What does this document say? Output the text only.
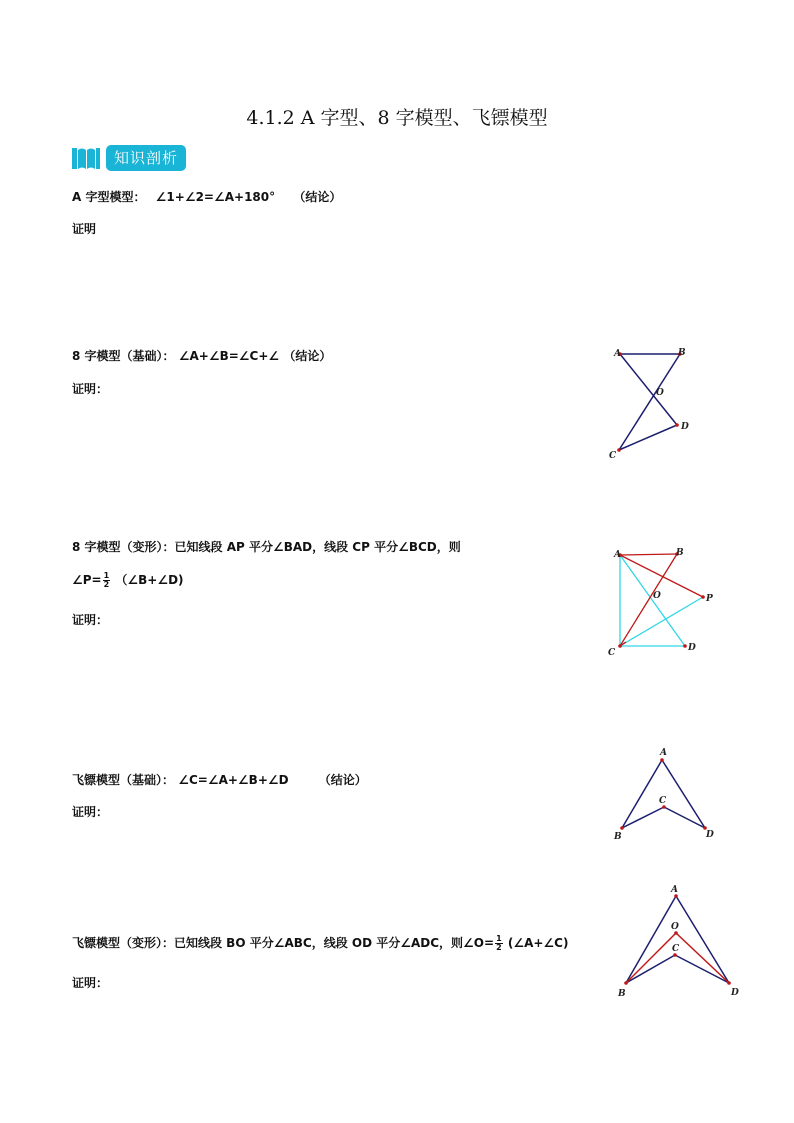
4.1.2 A 字型、8 字模型、飞镖模型
知识剖析
A 字型模型： ∠1+∠2=∠A+180° （结论）
证明
8 字模型（基础）： ∠A+∠B=∠C+∠ （结论）
证明：
8 字模型（变形）：已知线段 AP 平分∠BAD，线段 CP 平分∠BCD，则
∠P= $\frac{1}{2}$ （∠B+∠D)
证明：
飞镖模型（基础）： ∠C=∠A+∠B+∠D	（结论）
证明：
飞镖模型（变形）：已知线段 BO 平分∠ABC，线段 OD 平分∠ADC，则∠O= $\frac{1}{2}$ (∠A+∠C)
证明：
A	B
O
D
C
A	B
O	P
C	D
A
C
B	D
A
O
C
B	D
